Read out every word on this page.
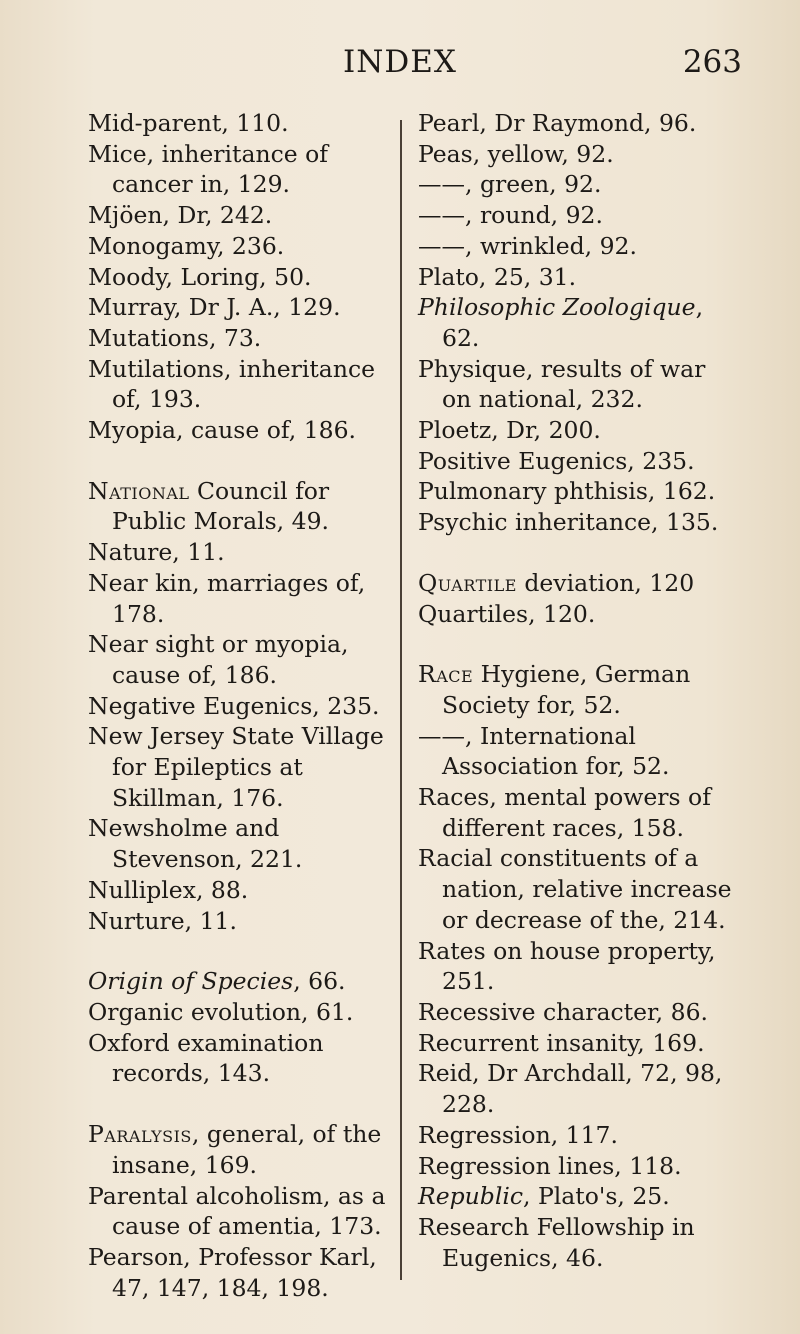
INDEX	263
Mid-parent, 110.
Mice, inheritance of cancer in, 129.
Mjöen, Dr, 242.
Monogamy, 236.
Moody, Loring, 50.
Murray, Dr J. A., 129.
Mutations, 73.
Mutilations, inheritance of, 193.
Myopia, cause of, 186.
National Council for Public Morals, 49.
Nature, 11.
Near kin, marriages of, 178.
Near sight or myopia, cause of, 186.
Negative Eugenics, 235.
New Jersey State Village for Epileptics at Skillman, 176.
Newsholme and Stevenson, 221.
Nulliplex, 88.
Nurture, 11.
Origin of Species, 66.
Organic evolution, 61.
Oxford examination records, 143.
Paralysis, general, of the insane, 169.
Parental alcoholism, as a cause of amentia, 173.
Pearson, Professor Karl, 47, 147, 184, 198.
Pearl, Dr Raymond, 96.
Peas, yellow, 92.
——, green, 92.
——, round, 92.
——, wrinkled, 92.
Plato, 25, 31.
Philosophic Zoologique, 62.
Physique, results of war on national, 232.
Ploetz, Dr, 200.
Positive Eugenics, 235.
Pulmonary phthisis, 162.
Psychic inheritance, 135.
Quartile deviation, 120
Quartiles, 120.
Race Hygiene, German Society for, 52.
——, International Association for, 52.
Races, mental powers of different races, 158.
Racial constituents of a nation, relative increase or decrease of the, 214.
Rates on house property, 251.
Recessive character, 86.
Recurrent insanity, 169.
Reid, Dr Archdall, 72, 98, 228.
Regression, 117.
Regression lines, 118.
Republic, Plato's, 25.
Research Fellowship in Eugenics, 46.
